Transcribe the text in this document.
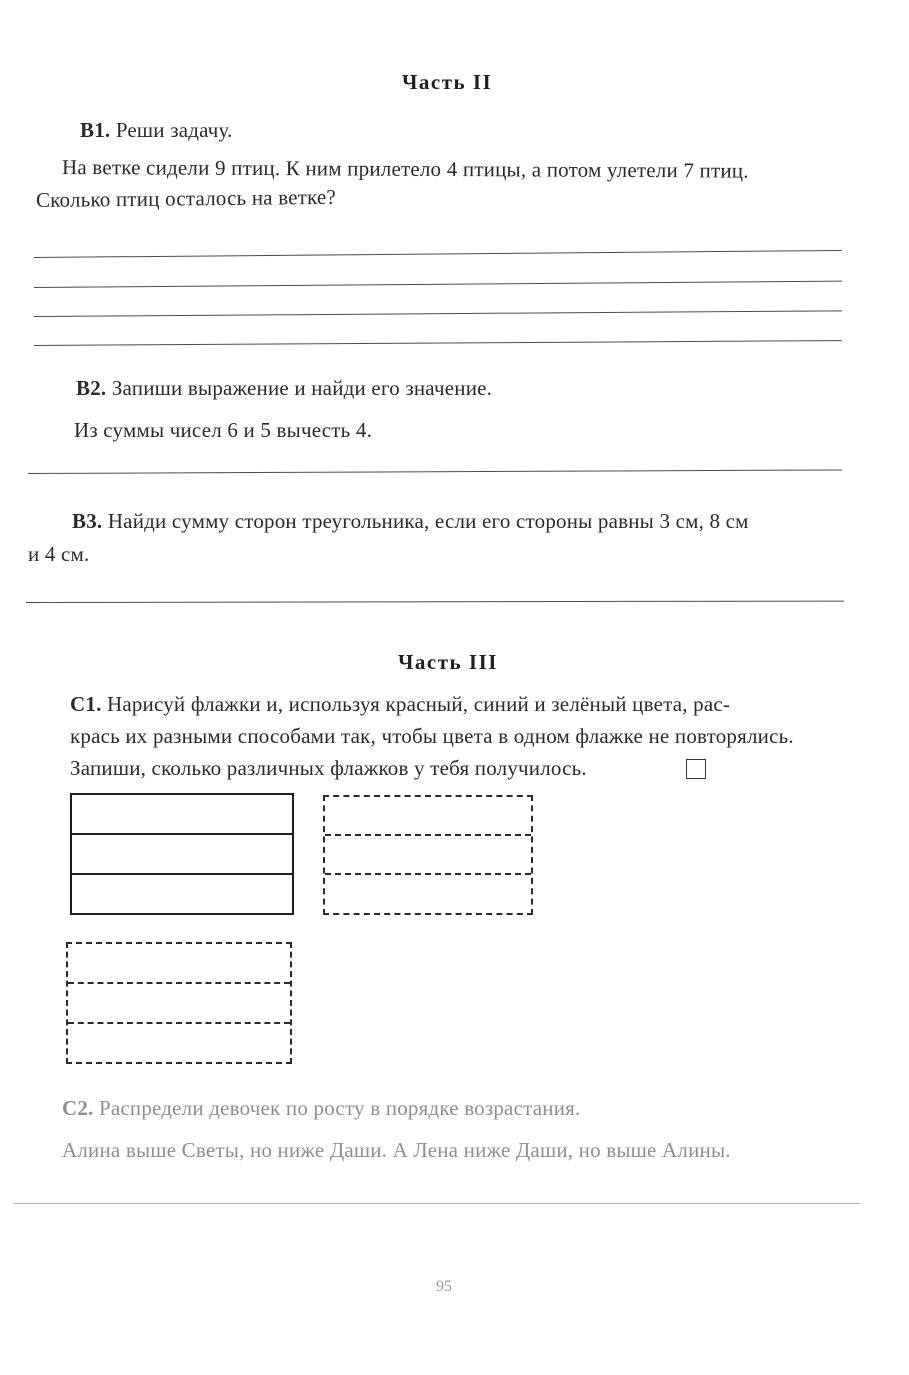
Часть II
B1. Реши задачу.
На ветке сидели 9 птиц. К ним прилетело 4 птицы, а потом улетели 7 птиц.
Сколько птиц осталось на ветке?
B2. Запиши выражение и найди его значение.
Из суммы чисел 6 и 5 вычесть 4.
B3. Найди сумму сторон треугольника, если его стороны равны 3 см, 8 см
и 4 см.
Часть III
C1. Нарисуй флажки и, используя красный, синий и зелёный цвета, рас-
крась их разными способами так, чтобы цвета в одном флажке не повторялись.
Запиши, сколько различных флажков у тебя получилось.
C2. Распредели девочек по росту в порядке возрастания.
Алина выше Светы, но ниже Даши. А Лена ниже Даши, но выше Алины.
95
